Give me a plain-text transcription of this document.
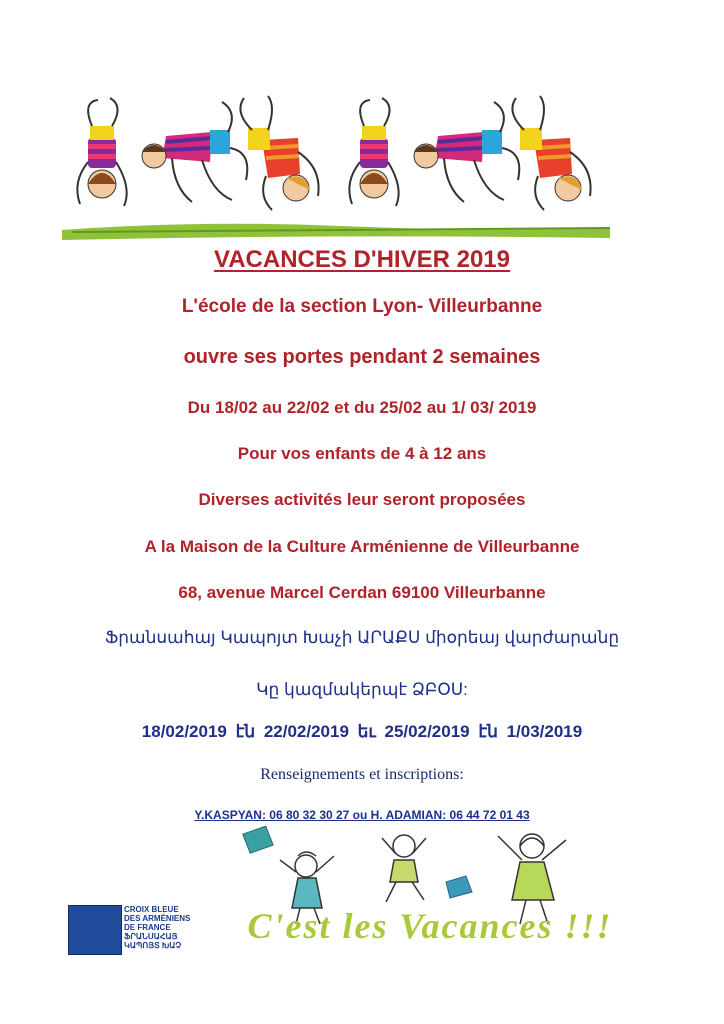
VACANCES D'HIVER 2019
L'école de la section Lyon- Villeurbanne
ouvre ses portes pendant 2 semaines
Du 18/02 au 22/02 et du 25/02 au 1/ 03/ 2019
Pour vos enfants de 4 à 12 ans
Diverses activités leur seront proposées
A la Maison de la Culture Arménienne de Villeurbanne
68, avenue Marcel Cerdan 69100 Villeurbanne
Ֆրանսահայ Կապոյտ Խաչի ԱՐԱՔՍ միօրեայ վարժարանը
Կը կազմակերպէ ՁԲՕՍ:
18/02/2019 էն 22/02/2019 եւ 25/02/2019 էն 1/03/2019
Renseignements et inscriptions:
Y.KASPYAN: 06 80 32 30 27 ou H. ADAMIAN: 06 44 72 01 43
CROIX BLEUE
DES ARMÉNIENS
DE FRANCE
ՖՐԱՆՍԱՀԱՅ
ԿԱՊՈՅՏ ԽԱՉ	C'est les Vacances !!!
